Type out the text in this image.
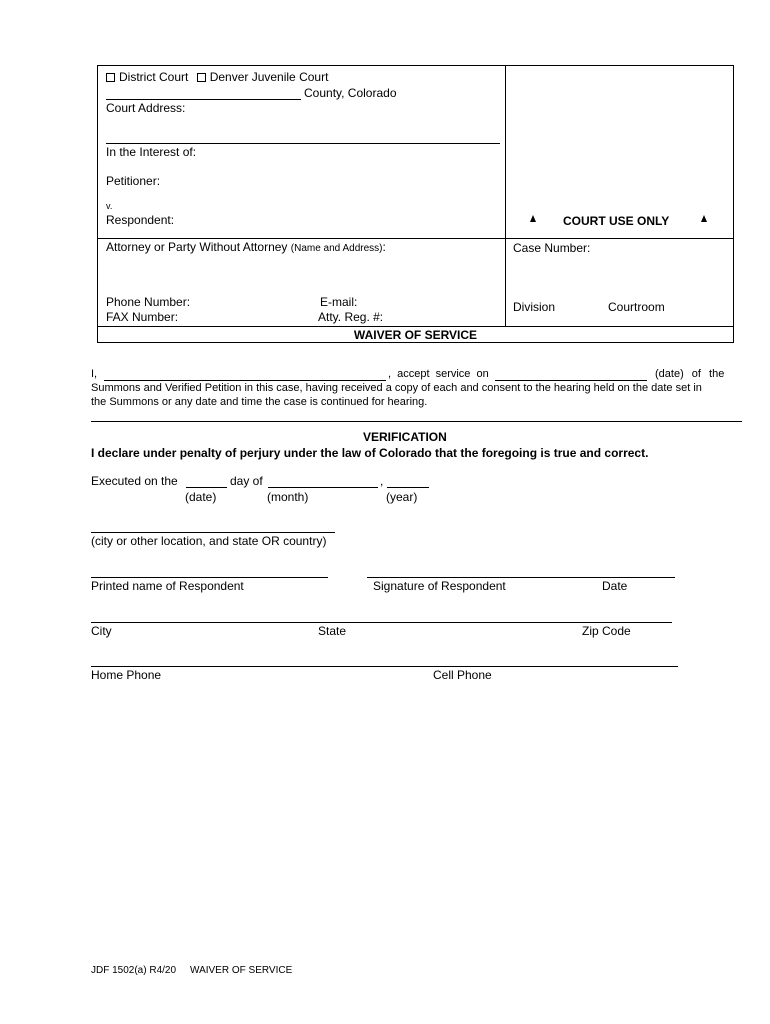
District Court
Denver Juvenile Court
County, Colorado
Court Address:
In the Interest of:
Petitioner:
v.
Respondent:	COURT USE ONLY
Attorney or Party Without Attorney (Name and Address):
Phone Number:	E-mail:
FAX Number:	Atty. Reg. #:
Case Number:
Division	Courtroom
WAIVER OF SERVICE
I,	, accept service on	(date) of the
Summons and Verified Petition in this case, having received a copy of each and consent to the hearing held on the date set in
the Summons or any date and time the case is continued for hearing.
VERIFICATION
I declare under penalty of perjury under the law of Colorado that the foregoing is true and correct.
Executed on the	day of	,
(date)	(month)	(year)
(city or other location, and state OR country)
Printed name of Respondent	Signature of Respondent	Date
City	State	Zip Code
Home Phone	Cell Phone
JDF 1502(a) R4/20 WAIVER OF SERVICE
